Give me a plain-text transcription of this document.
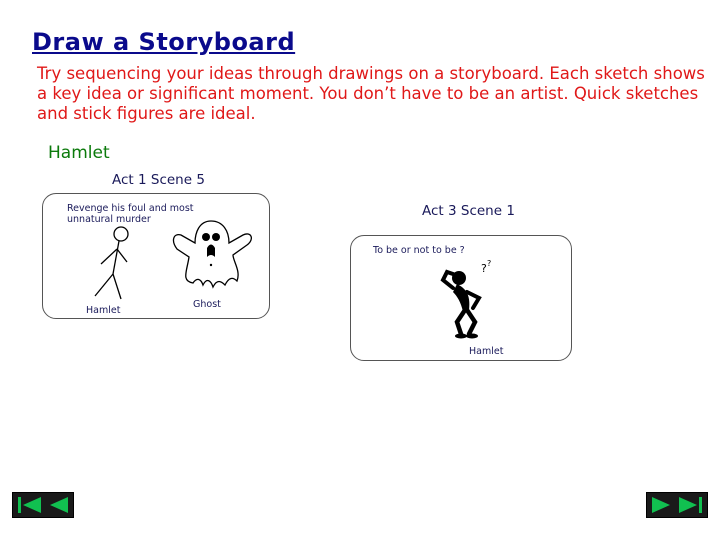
Draw a Storyboard
Try sequencing your ideas through drawings on a storyboard. Each sketch shows a key idea or significant moment. You don’t have to be an artist. Quick sketches and stick figures are ideal.
Hamlet
Act 1 Scene 5
Revenge his foul and most unnatural murder
Hamlet
Ghost
Act 3 Scene 1
To be or not to be ?
? ?
Hamlet
